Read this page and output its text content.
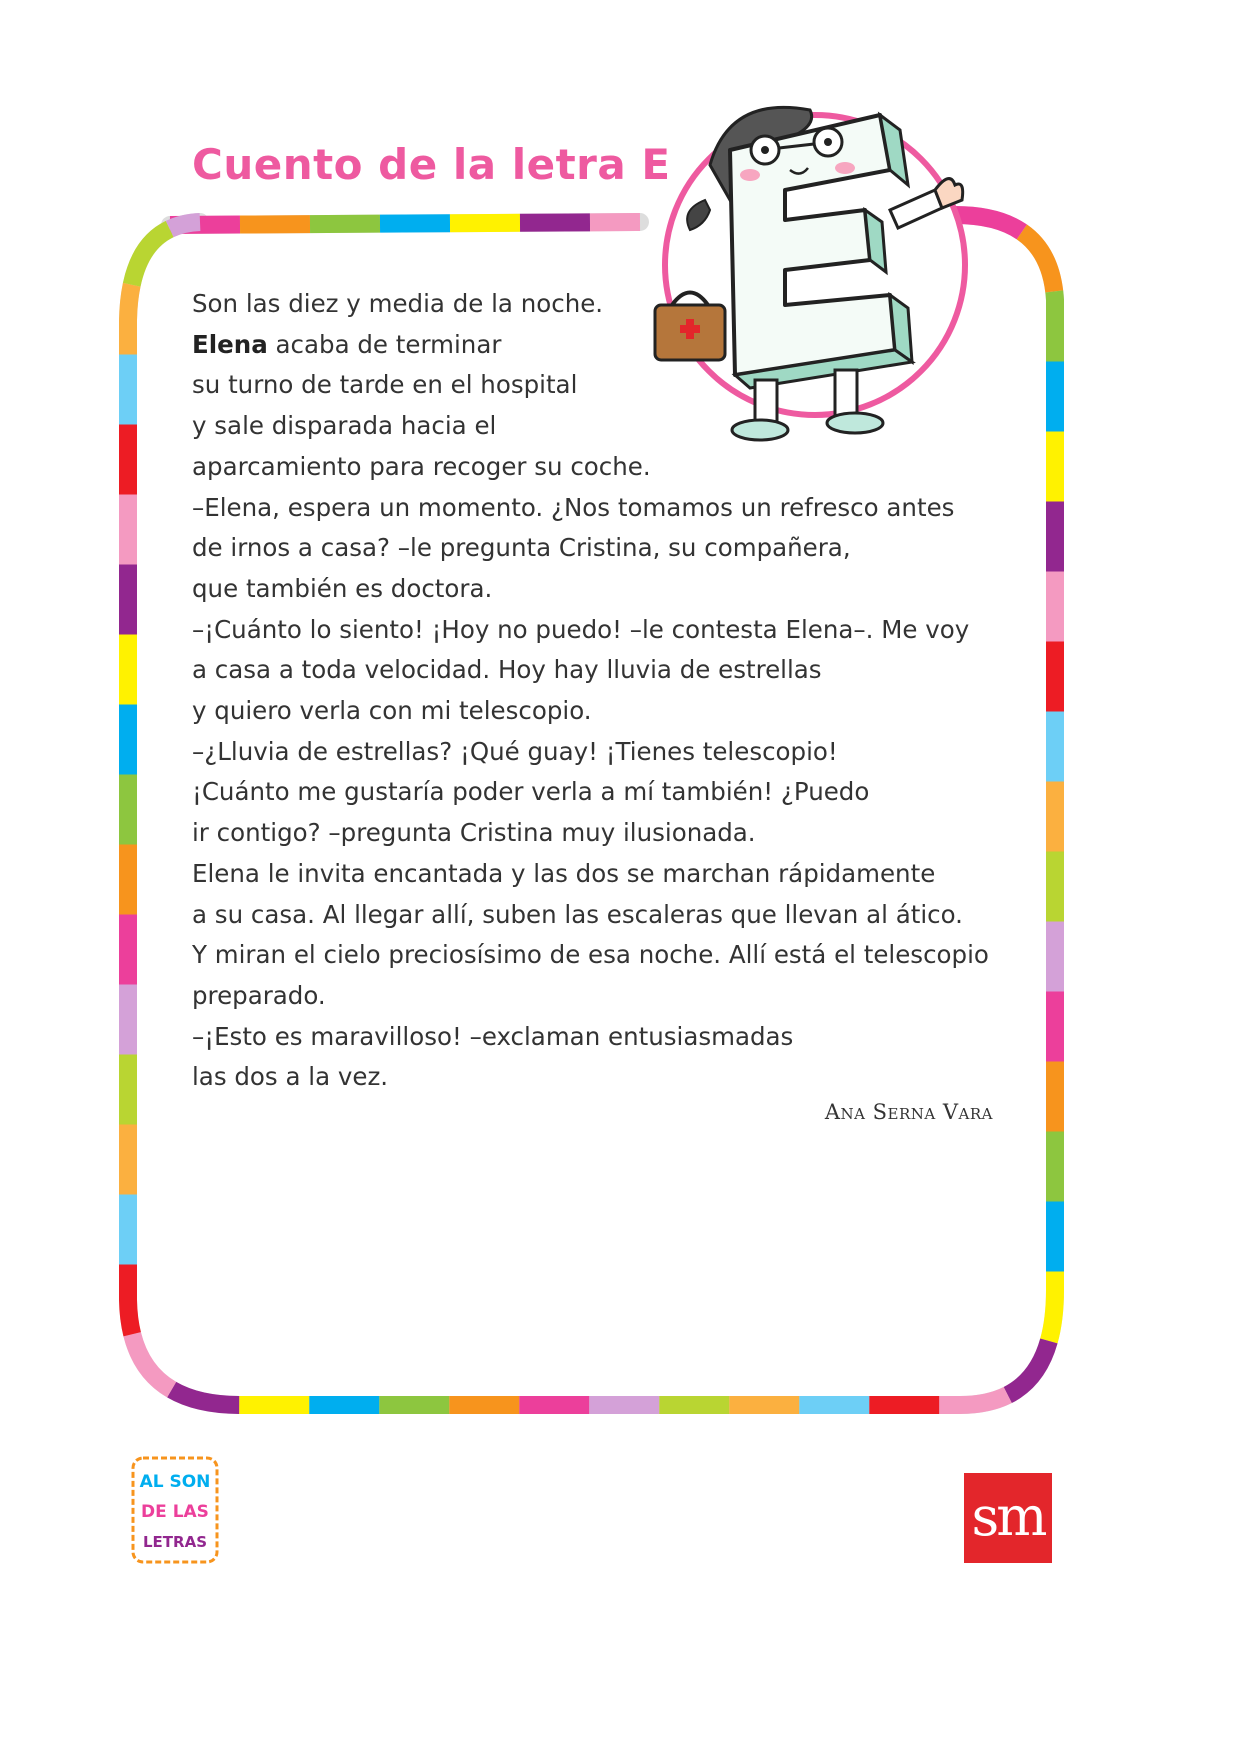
Cuento de la letra E
Son las diez y media de la noche.
Elena acaba de terminar
su turno de tarde en el hospital
y sale disparada hacia el
aparcamiento para recoger su coche.
–Elena, espera un momento. ¿Nos tomamos un refresco antes
de irnos a casa? –le pregunta Cristina, su compañera,
que también es doctora.
–¡Cuánto lo siento! ¡Hoy no puedo! –le contesta Elena–. Me voy
a casa a toda velocidad. Hoy hay lluvia de estrellas
y quiero verla con mi telescopio.
–¿Lluvia de estrellas? ¡Qué guay! ¡Tienes telescopio!
¡Cuánto me gustaría poder verla a mí también! ¿Puedo
ir contigo? –pregunta Cristina muy ilusionada.
Elena le invita encantada y las dos se marchan rápidamente
a su casa. Al llegar allí, suben las escaleras que llevan al ático.
Y miran el cielo preciosísimo de esa noche. Allí está el telescopio
preparado.
–¡Esto es maravilloso! –exclaman entusiasmadas
las dos a la vez.
Ana Serna Vara
AL SON
DE LAS
LETRAS	sm
